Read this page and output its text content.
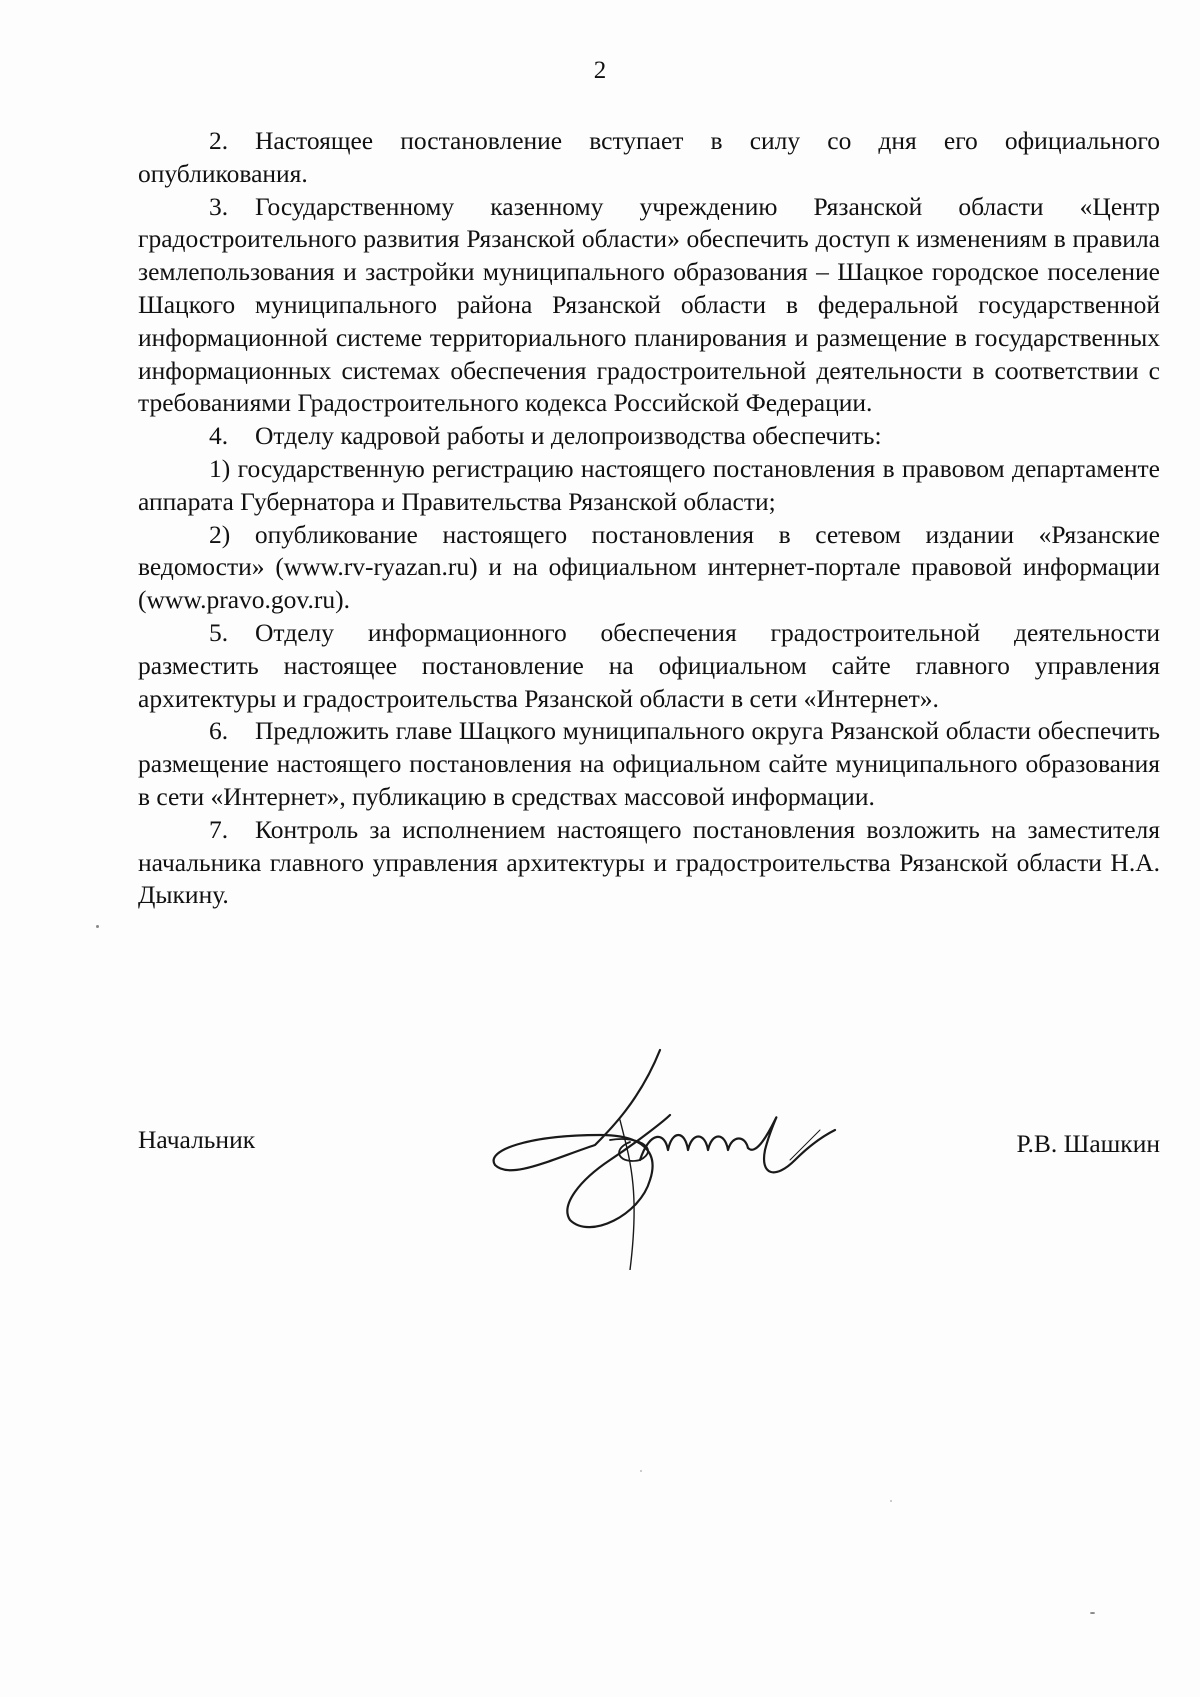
2

2. Настоящее постановление вступает в силу со дня его официального опубликования.

3. Государственному казенному учреждению Рязанской области «Центр градостроительного развития Рязанской области» обеспечить доступ к изменениям в правила землепользования и застройки муниципального образования – Шацкое городское поселение Шацкого муниципального района Рязанской области в федеральной государственной информационной системе территориального планирования и размещение в государственных информационных системах обеспечения градостроительной деятельности в соответствии с требованиями Градостроительного кодекса Российской Федерации.

4. Отделу кадровой работы и делопроизводства обеспечить:

1) государственную регистрацию настоящего постановления в правовом департаменте аппарата Губернатора и Правительства Рязанской области;

2) опубликование настоящего постановления в сетевом издании «Рязанские ведомости» (www.rv-ryazan.ru) и на официальном интернет-портале правовой информации (www.pravo.gov.ru).

5. Отделу информационного обеспечения градостроительной деятельности разместить настоящее постановление на официальном сайте главного управления архитектуры и градостроительства Рязанской области в сети «Интернет».

6. Предложить главе Шацкого муниципального округа Рязанской области обеспечить размещение настоящего постановления на официальном сайте муниципального образования в сети «Интернет», публикацию в средствах массовой информации.

7. Контроль за исполнением настоящего постановления возложить на заместителя начальника главного управления архитектуры и градостроительства Рязанской области Н.А. Дыкину.

Начальник	Р.В. Шашкин
